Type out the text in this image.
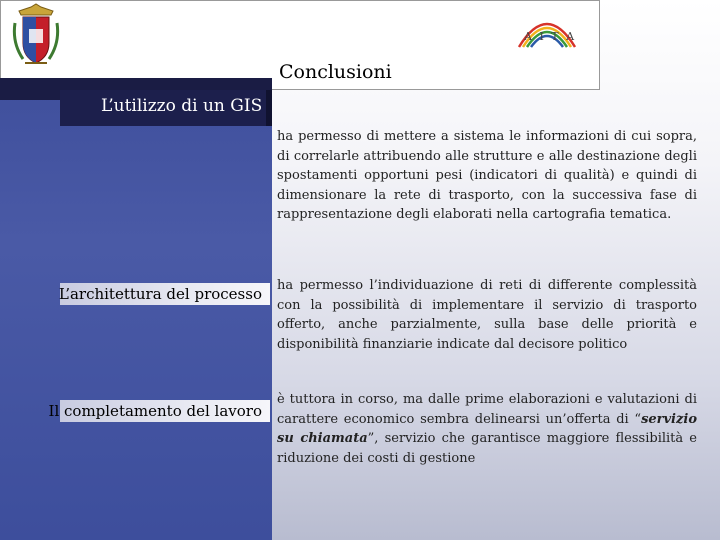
A I T A
Conclusioni
L’utilizzo di un GIS

ha permesso di mettere a sistema le informazioni di cui sopra, di correlarle attribuendo alle strutture e alle destinazione degli spostamenti opportuni pesi (indicatori di qualità) e quindi di dimensionare la rete di trasporto, con la successiva fase di rappresentazione degli elaborati nella cartografia tematica.

L’architettura del processo ha permesso l’individuazione di reti di differente complessità con la possibilità di implementare il servizio di trasporto offerto, anche parzialmente, sulla base delle priorità e disponibilità finanziarie indicate dal decisore politico

Il completamento del lavoro

è tuttora in corso, ma dalle prime elaborazioni e valutazioni di carattere economico sembra delinearsi un’offerta di “servizio su chiamata”, servizio che garantisce maggiore flessibilità e riduzione dei costi di gestione
